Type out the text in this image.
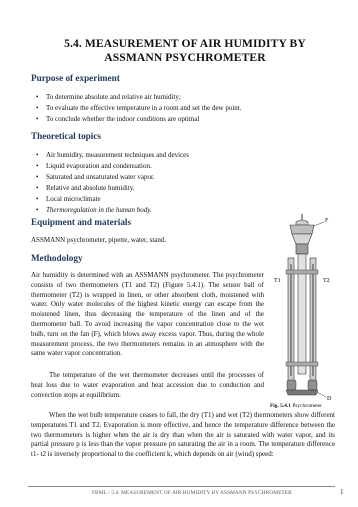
5.4. MEASUREMENT OF AIR HUMIDITY BY ASSMANN PSYCHROMETER
Purpose of experiment
• To determine absolute and relative air humidity;
• To evaluate the effective temperature in a room and set the dew point.
• To conclude whether the indoor conditions are optimal
Theoretical topics
• Air humidity, measurement techniques and devices
• Liquid evaporation and condensation.
• Saturated and unsaturated water vapor.
• Relative and absolute humidity.
• Local microclimate
• Thermoregulation in the human body.
Equipment and materials
ASSMANN psychrometer, pipette, water, stand.
Methodology
Air humidity is determined with an ASSMANN psychrometer. The psychrometer consists of two thermometers (T1 and T2) (Figure 5.4.1). The sensor ball of thermometer (T2) is wrapped in linen, or other absorbent cloth, moistened with water. Only water molecules of the highest kinetic energy can escape from the moistened linen, thus decreasing the temperature of the linen and of the thermometer ball. To avoid increasing the vapor concentration close to the wet bulb, turn on the fan (F), which blows away excess vapor. Thus, during the whole measurement process, the two thermometers remains in an atmosphere with the same water vapor concentration.
The temperature of the wet thermometer decreases until the processes of heat loss due to water evaporation and heat accession due to conduction and convection stops at equilibrium.
When the wet bulb temperature ceases to fall, the dry (T1) and wet (T2) thermometers show different temperatures T1 and T2. Evaporation is more effective, and hence the temperature difference between the two thermometers is higher when the air is dry than when the air is saturated with water vapor, and its partial pressure p is less than the vapor pressure pn saturating the air in a room. The temperature difference t1- t2 is inversely proportional to the coefficient k, which depends on air (wind) speed:
F
T1	T2
D
Fig. 5.4.1 Psychrometer
FBML - 5.4. MEASUREMENT OF AIR HUMIDITY BY ASSMANN PSYCHROMETER	1
